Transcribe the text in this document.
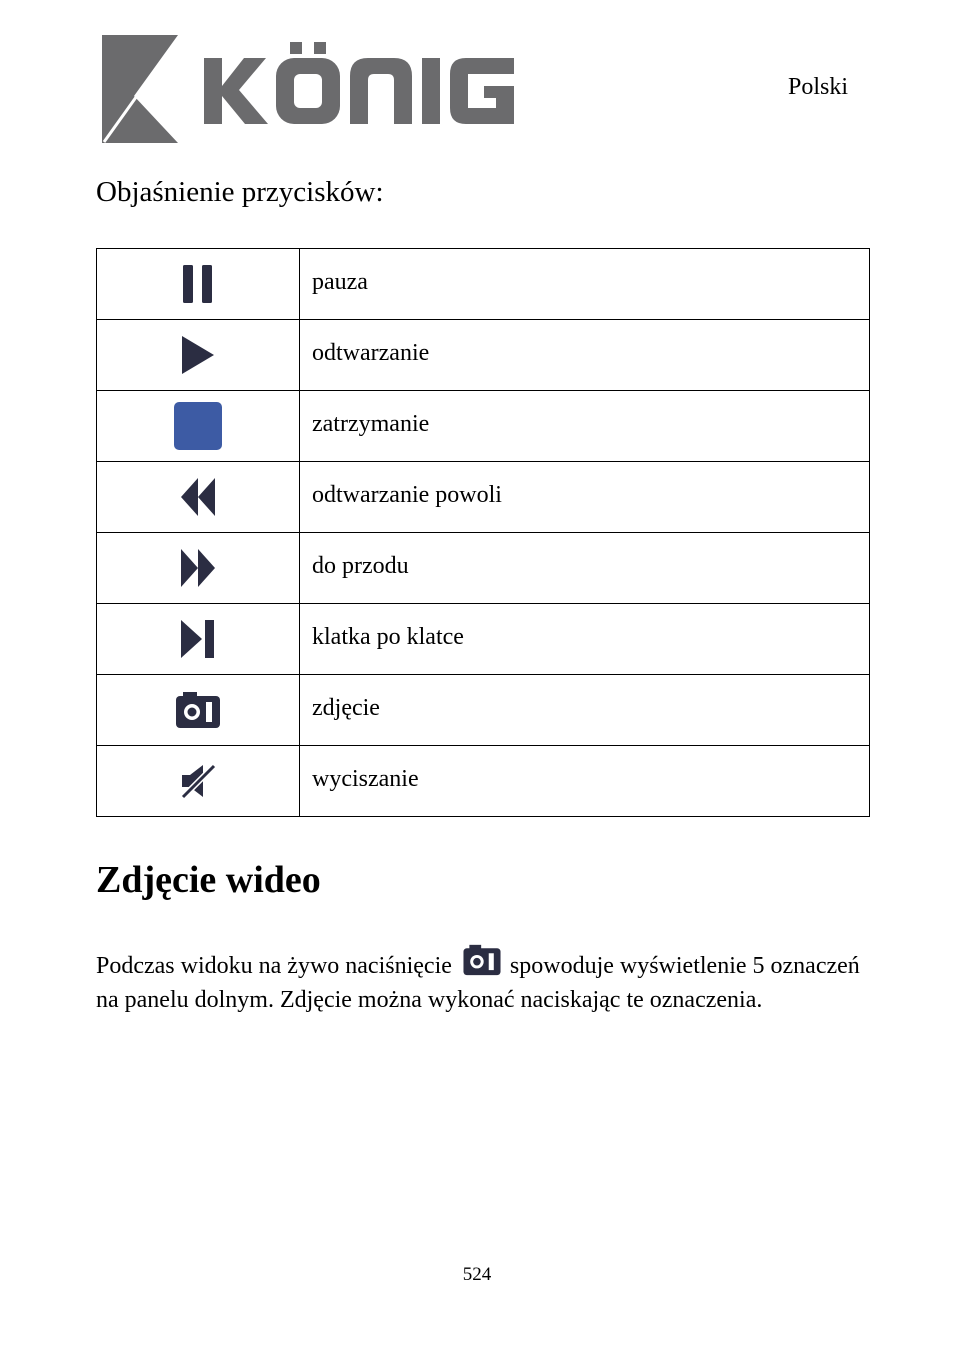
Polski
Objaśnienie przycisków:
	pauza
	odtwarzanie
	zatrzymanie
	odtwarzanie powoli
	do przodu
	klatka po klatce
	zdjęcie
	wyciszanie
Zdjęcie wideo

Podczas widoku na żywo naciśnięcie spowoduje wyświetlenie 5 oznaczeń na panelu dolnym. Zdjęcie można wykonać naciskając te oznaczenia.

524
